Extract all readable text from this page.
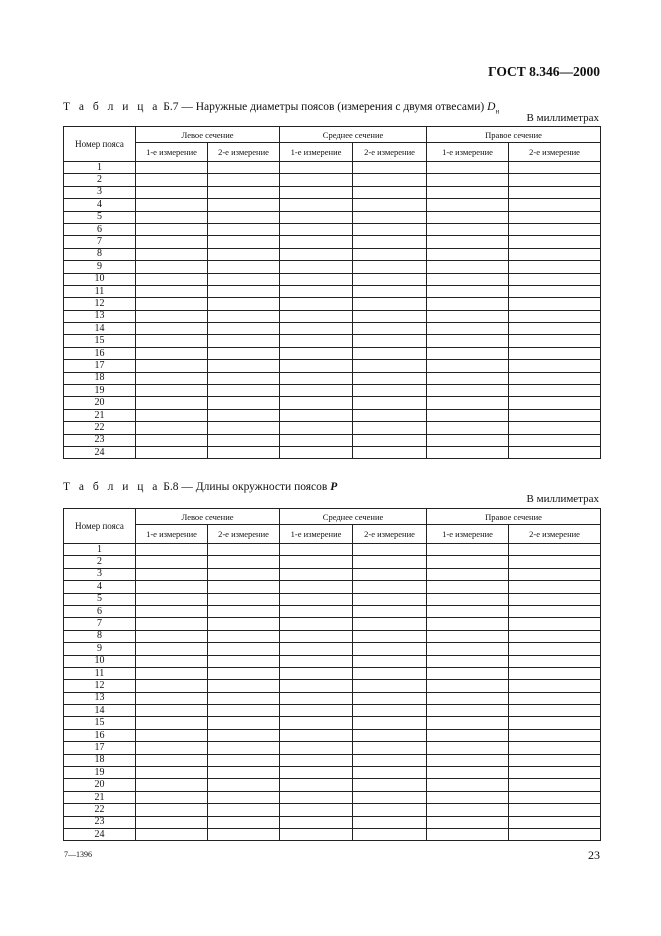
ГОСТ 8.346—2000
Т а б л и ц а Б.7 — Наружные диаметры поясов (измерения с двумя отвесами) $D_н$
В миллиметрах
Номер пояса	Левое сечение		Среднее сечение		Правое сечение	
	1-е измерение	2-е измерение	1-е измерение	2-е измерение	1-е измерение	2-е измерение
1						
2						
3						
4						
5						
6						
7						
8						
9						
10						
11						
12						
13						
14						
15						
16						
17						
18						
19						
20						
21						
22						
23						
24						
Т а б л и ц а Б.8 — Длины окружности поясов P
В миллиметрах
Номер пояса	Левое сечение		Среднее сечение		Правое сечение	
	1-е измерение	2-е измерение	1-е измерение	2-е измерение	1-е измерение	2-е измерение
1						
2						
3						
4						
5						
6						
7						
8						
9						
10						
11						
12						
13						
14						
15						
16						
17						
18						
19						
20						
21						
22						
23						
24						
7—1396	23
